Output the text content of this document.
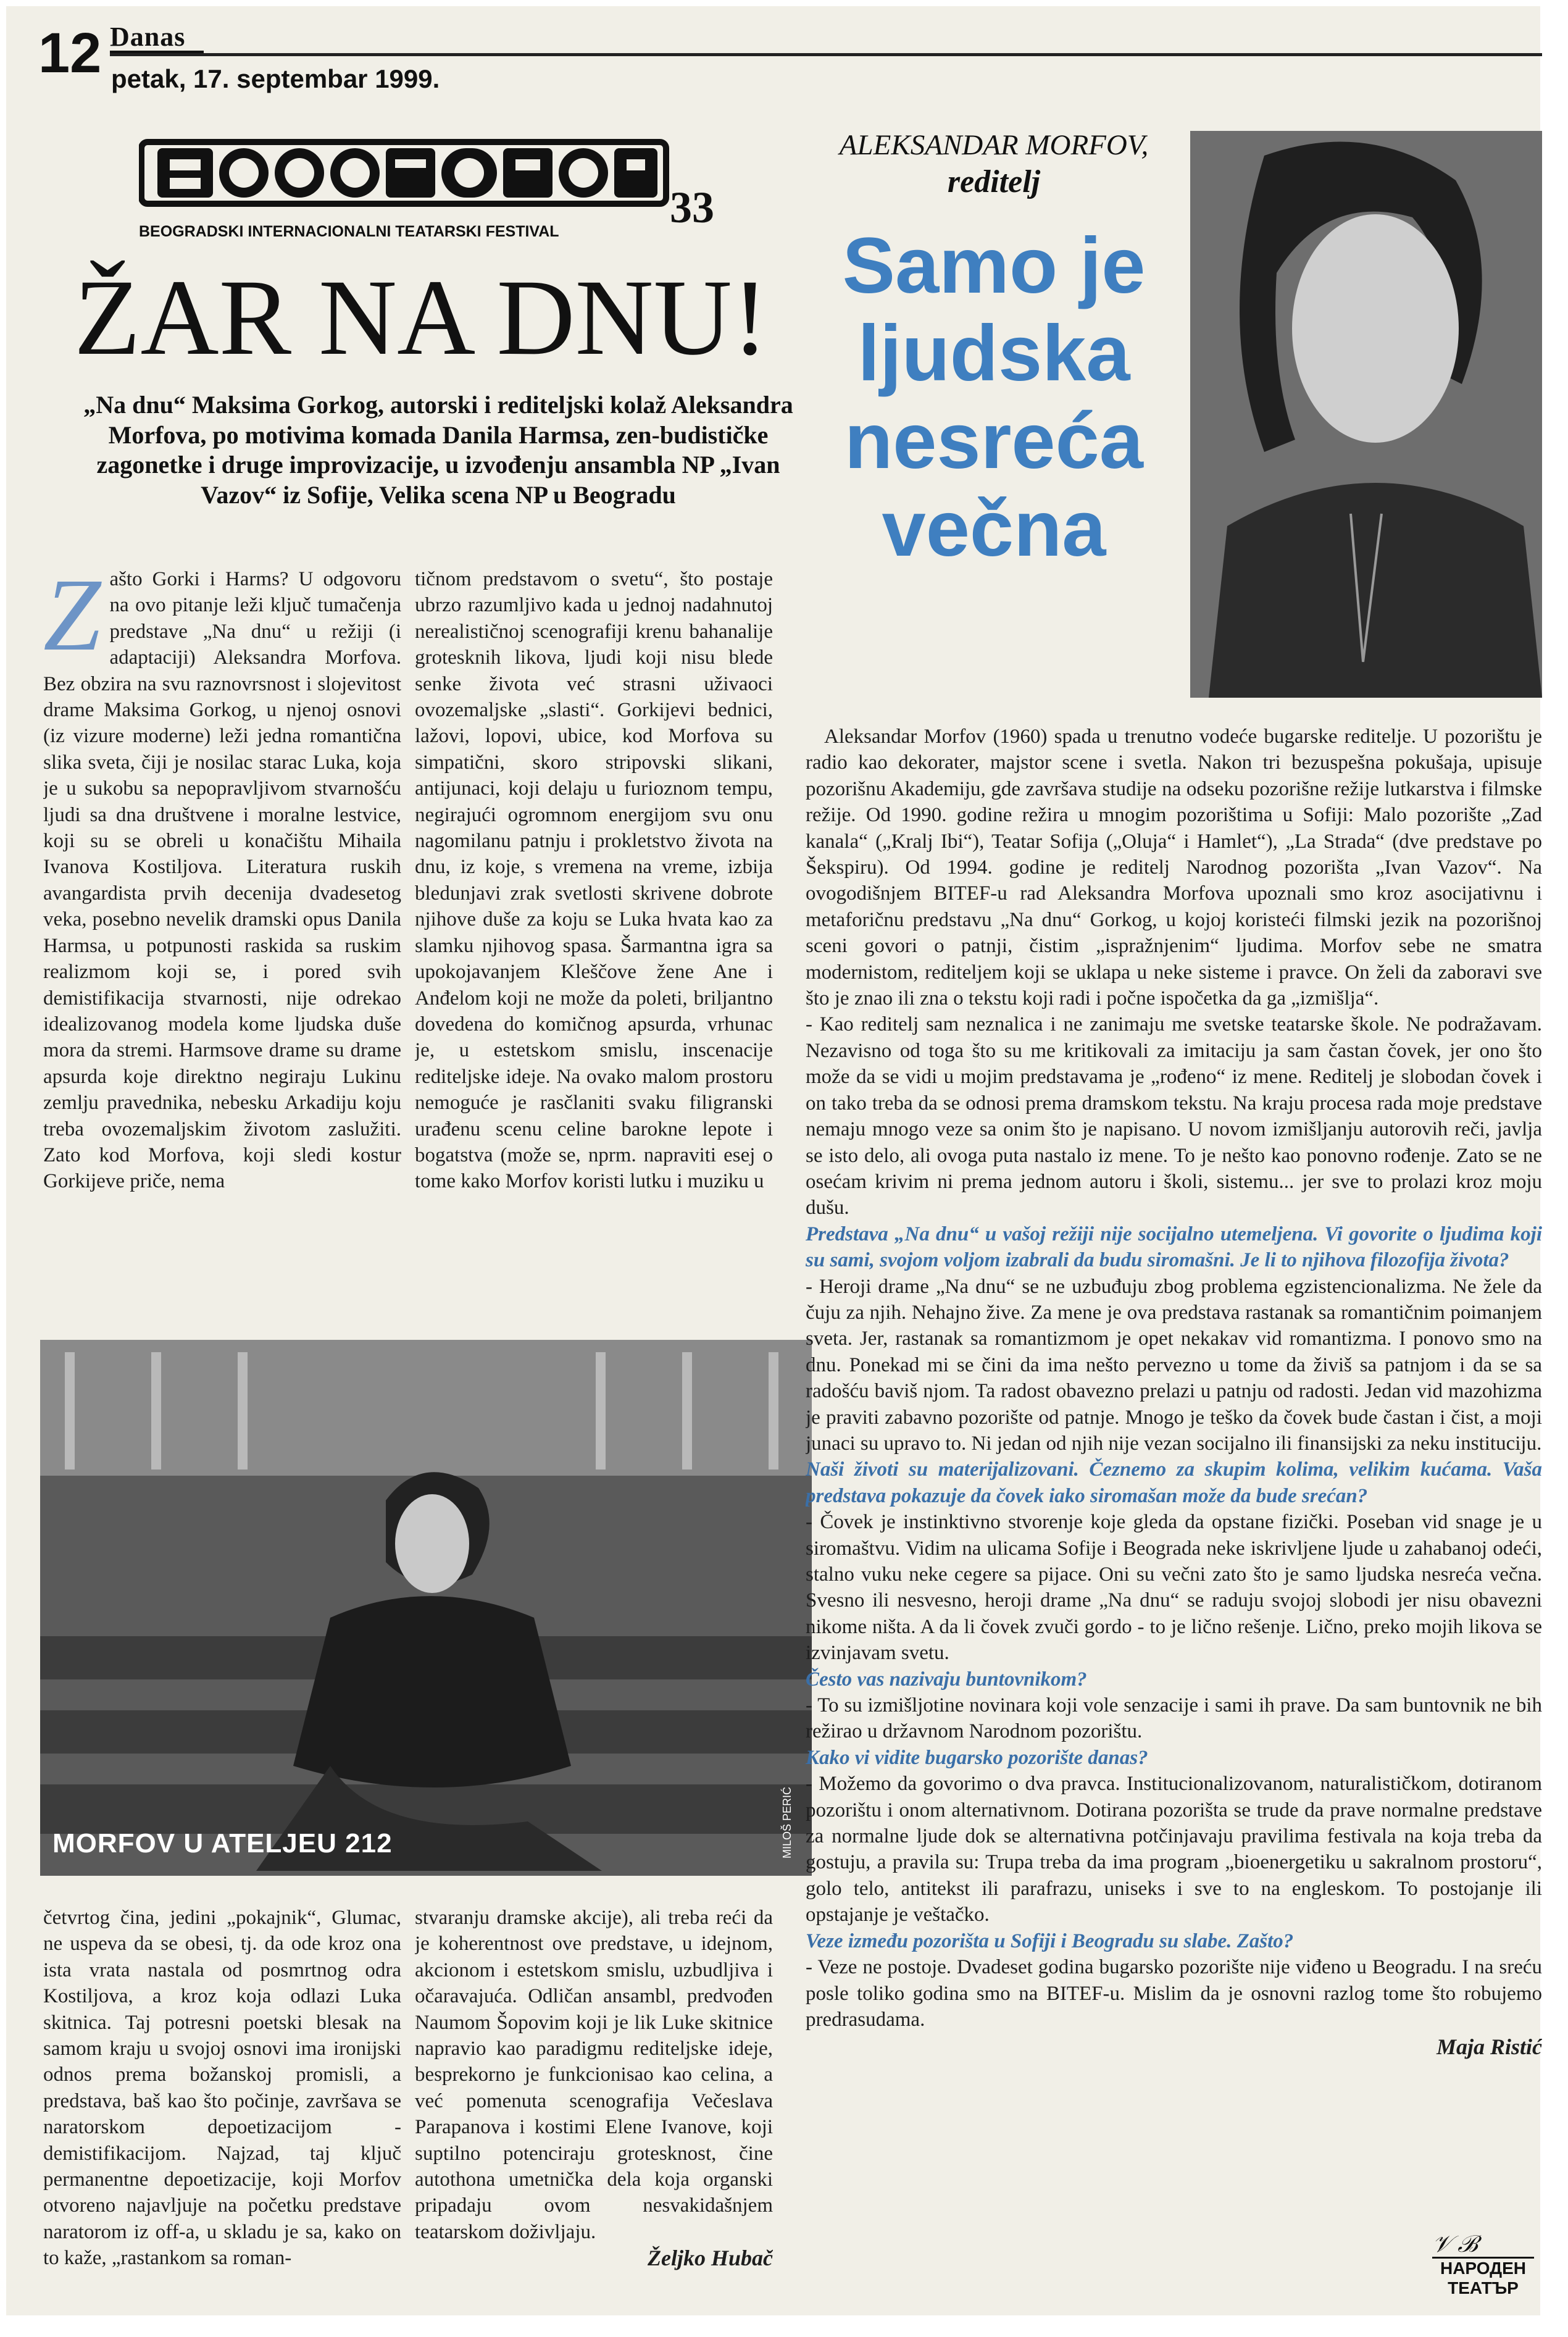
12 Danas
petak, 17. septembar 1999.
33
BEOGRADSKI INTERNACIONALNI TEATARSKI FESTIVAL
ŽAR NA DNU!
„Na dnu“ Maksima Gorkog, autorski i rediteljski kolaž Aleksandra Morfova, po motivima komada Danila Harmsa, zen-budističke zagonetke i druge improvizacije, u izvođenju ansambla NP „Ivan Vazov“ iz Sofije, Velika scena NP u Beogradu
Z ašto Gorki i Harms? U odgovoru na ovo pitanje leži ključ tumačenja predstave „Na dnu“ u režiji (i adaptaciji) Aleksandra Morfova. Bez obzira na svu raznovrsnost i slojevitost drame Maksima Gorkog, u njenoj osnovi (iz vizure moderne) leži jedna romantična slika sveta, čiji je nosilac starac Luka, koja je u sukobu sa nepopravljivom stvarnošću ljudi sa dna društvene i moralne lestvice, koji su se obreli u konačištu Mihaila Ivanova Kostiljova. Literatura ruskih avangardista prvih decenija dvadesetog veka, posebno nevelik dramski opus Danila Harmsa, u potpunosti raskida sa ruskim realizmom koji se, i pored svih demistifikacija stvarnosti, nije odrekao idealizovanog modela kome ljudska duše mora da stremi. Harmsove drame su drame apsurda koje direktno negiraju Lukinu zemlju pravednika, nebesku Arkadiju koju treba ovozemaljskim životom zaslužiti. Zato kod Morfova, koji sledi kostur Gorkijeve priče, nema
tičnom predstavom o svetu“, što postaje ubrzo razumljivo kada u jednoj nadahnutoj nerealističnoj scenografiji krenu bahanalije grotesknih likova, ljudi koji nisu blede senke života već strasni uživaoci ovozemaljske „slasti“. Gorkijevi bednici, lažovi, lopovi, ubice, kod Morfova su simpatični, skoro stripovski slikani, antijunaci, koji delaju u furioznom tempu, negirajući ogromnom energijom svu onu nagomilanu patnju i prokletstvo života na dnu, iz koje, s vremena na vreme, izbija bledunjavi zrak svetlosti skrivene dobrote njihove duše za koju se Luka hvata kao za slamku njihovog spasa. Šarmantna igra sa upokojavanjem Kleščove žene Ane i Anđelom koji ne može da poleti, briljantno dovedena do komičnog apsurda, vrhunac je, u estetskom smislu, inscenacije rediteljske ideje. Na ovako malom prostoru nemoguće je rasčlaniti svaku filigranski urađenu scenu celine barokne lepote i bogatstva (može se, nprm. napraviti esej o tome kako Morfov koristi lutku i muziku u
MORFOV U ATELJEU 212	MILOŠ PERIĆ
četvrtog čina, jedini „pokajnik“, Glumac, ne uspeva da se obesi, tj. da ode kroz ona ista vrata nastala od posmrtnog odra Kostiljova, a kroz koja odlazi Luka skitnica. Taj potresni poetski blesak na samom kraju u svojoj osnovi ima ironijski odnos prema božanskoj promisli, a predstava, baš kao što počinje, završava se naratorskom depoetizacijom - demistifikacijom. Najzad, taj ključ permanentne depoetizacije, koji Morfov otvoreno najavljuje na početku predstave naratorom iz off-a, u skladu je sa, kako on to kaže, „rastankom sa roman-
stvaranju dramske akcije), ali treba reći da je koherentnost ove predstave, u idejnom, akcionom i estetskom smislu, uzbudljiva i očaravajuća. Odličan ansambl, predvođen Naumom Šopovim koji je lik Luke skitnice napravio kao paradigmu rediteljske ideje, besprekorno je funkcionisao kao celina, a već pomenuta scenografija Večeslava Parapanova i kostimi Elene Ivanove, koji suptilno potenciraju grotesknost, čine autothona umetnička dela koja organski pripadaju ovom nesvakidašnjem teatarskom doživljaju.
Željko Hubač
ALEKSANDAR MORFOV,
reditelj
Samo je
ljudska
nesreća
večna

Aleksandar Morfov (1960) spada u trenutno vodeće bugarske reditelje. U pozorištu je radio kao dekorater, majstor scene i svetla. Nakon tri bezuspešna pokušaja, upisuje pozorišnu Akademiju, gde završava studije na odseku pozorišne režije lutkarstva i filmske režije. Od 1990. godine režira u mnogim pozorištima u Sofiji: Malo pozorište „Zad kanala“ („Kralj Ibi“), Teatar Sofija („Oluja“ i Hamlet“), „La Strada“ (dve predstave po Šekspiru). Od 1994. godine je reditelj Narodnog pozorišta „Ivan Vazov“. Na ovogodišnjem BITEF-u rad Aleksandra Morfova upoznali smo kroz asocijativnu i metaforičnu predstavu „Na dnu“ Gorkog, u kojoj koristeći filmski jezik na pozorišnoj sceni govori o patnji, čistim „ispražnjenim“ ljudima. Morfov sebe ne smatra modernistom, rediteljem koji se uklapa u neke sisteme i pravce. On želi da zaboravi sve što je znao ili zna o tekstu koji radi i počne ispočetka da ga „izmišlja“.

- Kao reditelj sam neznalica i ne zanimaju me svetske teatarske škole. Ne podražavam. Nezavisno od toga što su me kritikovali za imitaciju ja sam častan čovek, jer ono što može da se vidi u mojim predstavama je „rođeno“ iz mene. Reditelj je slobodan čovek i on tako treba da se odnosi prema dramskom tekstu. Na kraju procesa rada moje predstave nemaju mnogo veze sa onim što je napisano. U novom izmišljanju autorovih reči, javlja se isto delo, ali ovoga puta nastalo iz mene. To je nešto kao ponovno rođenje. Zato se ne osećam krivim ni prema jednom autoru i školi, sistemu... jer sve to prolazi kroz moju dušu.

Predstava „Na dnu“ u vašoj režiji nije socijalno utemeljena. Vi govorite o ljudima koji su sami, svojom voljom izabrali da budu siromašni. Je li to njihova filozofija života?

- Heroji drame „Na dnu“ se ne uzbuđuju zbog problema egzistencionalizma. Ne žele da čuju za njih. Nehajno žive. Za mene je ova predstava rastanak sa romantičnim poimanjem sveta. Jer, rastanak sa romantizmom je opet nekakav vid romantizma. I ponovo smo na dnu. Ponekad mi se čini da ima nešto pervezno u tome da živiš sa patnjom i da se sa radošću baviš njom. Ta radost obavezno prelazi u patnju od radosti. Jedan vid mazohizma je praviti zabavno pozorište od patnje. Mnogo je teško da čovek bude častan i čist, a moji junaci su upravo to. Ni jedan od njih nije vezan socijalno ili finansijski za neku instituciju.

Naši životi su materijalizovani. Čeznemo za skupim kolima, velikim kućama. Vaša predstava pokazuje da čovek iako siromašan može da bude srećan?

- Čovek je instinktivno stvorenje koje gleda da opstane fizički. Poseban vid snage je u siromaštvu. Vidim na ulicama Sofije i Beograda neke iskrivljene ljude u zahabanoj odeći, stalno vuku neke cegere sa pijace. Oni su večni zato što je samo ljudska nesreća večna. Svesno ili nesvesno, heroji drame „Na dnu“ se raduju svojoj slobodi jer nisu obavezni nikome ništa. A da li čovek zvuči gordo - to je lično rešenje. Lično, preko mojih likova se izvinjavam svetu.

Često vas nazivaju buntovnikom?

- To su izmišljotine novinara koji vole senzacije i sami ih prave. Da sam buntovnik ne bih režirao u državnom Narodnom pozorištu.

Kako vi vidite bugarsko pozorište danas?

- Možemo da govorimo o dva pravca. Institucionalizovanom, naturalističkom, dotiranom pozorištu i onom alternativnom. Dotirana pozorišta se trude da prave normalne predstave za normalne ljude dok se alternativna potčinjavaju pravilima festivala na koja treba da gostuju, a pravila su: Trupa treba da ima program „bioenergetiku u sakralnom prostoru“, golo telo, antitekst ili parafrazu, uniseks i sve to na engleskom. To postojanje ili opstajanje je veštačko.

Veze između pozorišta u Sofiji i Beogradu su slabe. Zašto?

- Veze ne postoje. Dvadeset godina bugarsko pozorište nije viđeno u Beogradu. I na sreću posle toliko godina smo na BITEF-u. Mislim da je osnovni razlog tome što robujemo predrasudama.

Maja Ristić
𝒱 ℬ
НАРОДЕН ТЕАТЪР
